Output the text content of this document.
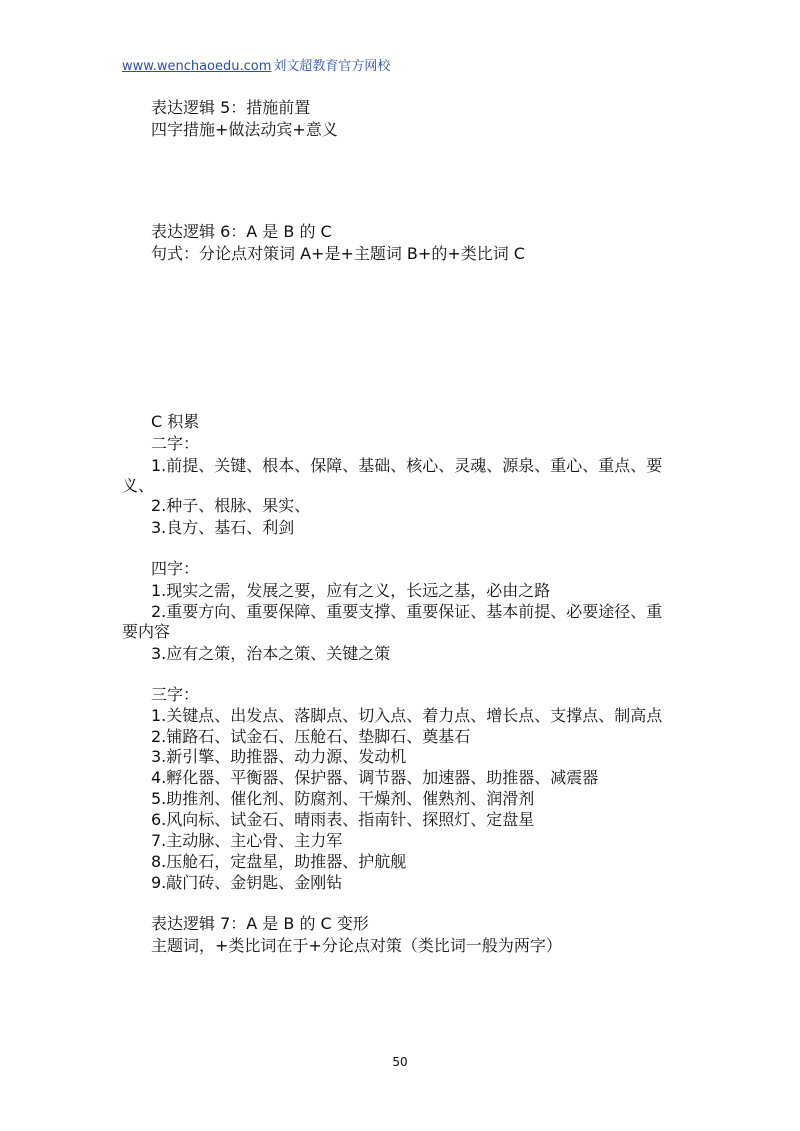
www.wenchaoedu.com 刘文超教育官方网校
表达逻辑 5：措施前置
四字措施+做法动宾+意义
表达逻辑 6：A 是 B 的 C
句式：分论点对策词 A+是+主题词 B+的+类比词 C
C 积累
二字：
1.前提、关键、根本、保障、基础、核心、灵魂、源泉、重心、重点、要
义、
2.种子、根脉、果实、
3.良方、基石、利剑
四字：
1.现实之需，发展之要，应有之义，长远之基，必由之路
2.重要方向、重要保障、重要支撑、重要保证、基本前提、必要途径、重
要内容
3.应有之策，治本之策、关键之策
三字：
1.关键点、出发点、落脚点、切入点、着力点、增长点、支撑点、制高点
2.铺路石、试金石、压舱石、垫脚石、奠基石
3.新引擎、助推器、动力源、发动机
4.孵化器、平衡器、保护器、调节器、加速器、助推器、减震器
5.助推剂、催化剂、防腐剂、干燥剂、催熟剂、润滑剂
6.风向标、试金石、晴雨表、指南针、探照灯、定盘星
7.主动脉、主心骨、主力军
8.压舱石，定盘星，助推器、护航舰
9.敲门砖、金钥匙、金刚钻
表达逻辑 7：A 是 B 的 C 变形
主题词，+类比词在于+分论点对策（类比词一般为两字）
50
